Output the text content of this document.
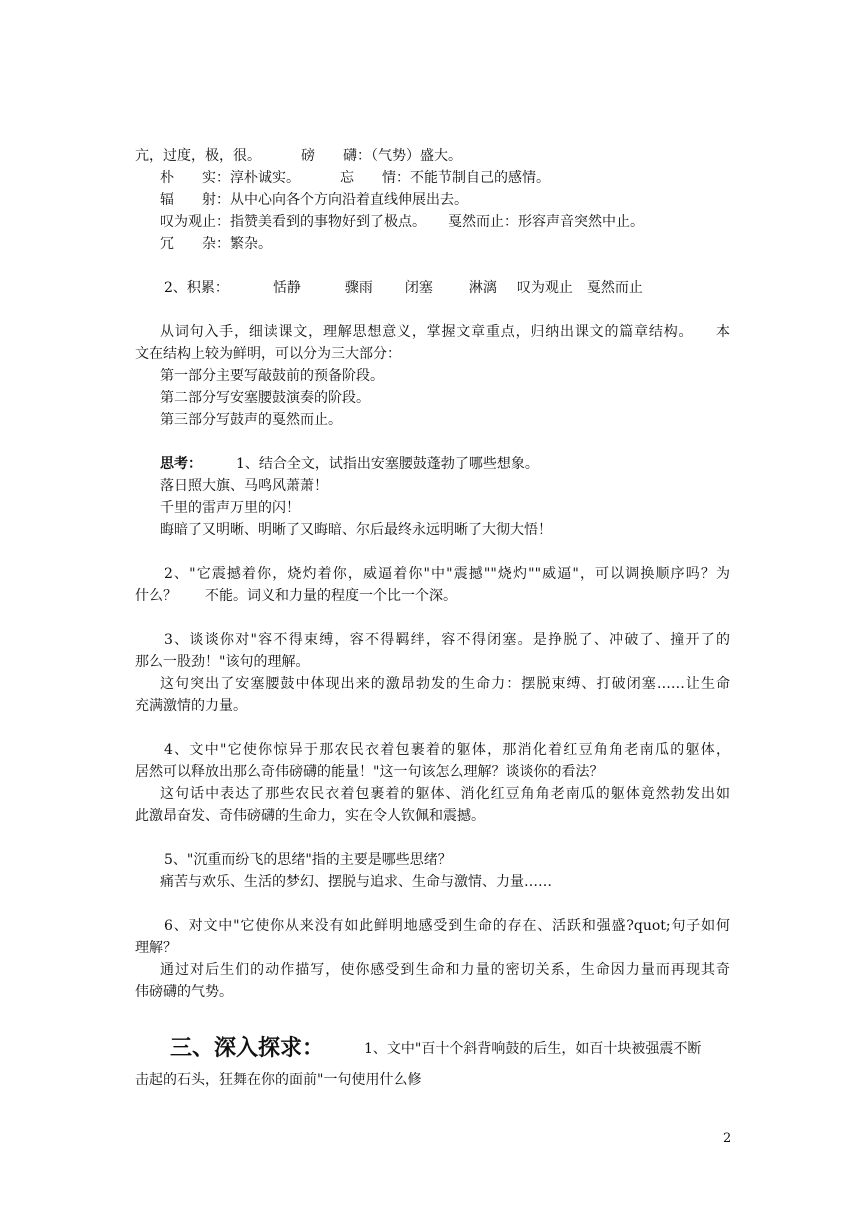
亢，过度，极，很。	磅　　礴：（气势）盛大。
朴　　实：淳朴诚实。	忘　　情：不能节制自己的感情。
辐　　射：从中心向各个方向沿着直线伸展出去。
叹为观止：指赞美看到的事物好到了极点。 戛然而止：形容声音突然中止。
冗　　杂：繁杂。
2、积累：	恬静	骤雨 闭塞	淋漓 叹为观止 戛然而止
从词句入手，细读课文，理解思想意义，掌握文章重点，归纳出课文的篇章结构。　　本
文在结构上较为鲜明，可以分为三大部分：
第一部分主要写敲鼓前的预备阶段。
第二部分写安塞腰鼓演奏的阶段。
第三部分写鼓声的戛然而止。
思考： 1、结合全文，试指出安塞腰鼓蓬勃了哪些想象。
落日照大旗、马鸣风萧萧！
千里的雷声万里的闪！
晦暗了又明晰、明晰了又晦暗、尔后最终永远明晰了大彻大悟！
2、"它震撼着你，烧灼着你，威逼着你"中"震撼""烧灼""威逼"，可以调换顺序吗？为
什么？　　不能。词义和力量的程度一个比一个深。
3、谈谈你对"容不得束缚，容不得羁绊，容不得闭塞。是挣脱了、冲破了、撞开了的
那么一股劲！"该句的理解。
这句突出了安塞腰鼓中体现出来的激昂勃发的生命力：摆脱束缚、打破闭塞……让生命
充满激情的力量。
4、文中"它使你惊异于那农民衣着包裹着的躯体，那消化着红豆角角老南瓜的躯体，
居然可以释放出那么奇伟磅礴的能量！"这一句该怎么理解？谈谈你的看法？
这句话中表达了那些农民衣着包裹着的躯体、消化红豆角角老南瓜的躯体竟然勃发出如
此激昂奋发、奇伟磅礴的生命力，实在令人钦佩和震撼。
5、"沉重而纷飞的思绪"指的主要是哪些思绪？
痛苦与欢乐、生活的梦幻、摆脱与追求、生命与激情、力量……
6、对文中"它使你从来没有如此鲜明地感受到生命的存在、活跃和强盛?quot;句子如何
理解？
通过对后生们的动作描写，使你感受到生命和力量的密切关系，生命因力量而再现其奇
伟磅礴的气势。
三、深入探求：	1、文中"百十个斜背响鼓的后生，如百十块被强震不断
击起的石头，狂舞在你的面前"一句使用什么修
2
